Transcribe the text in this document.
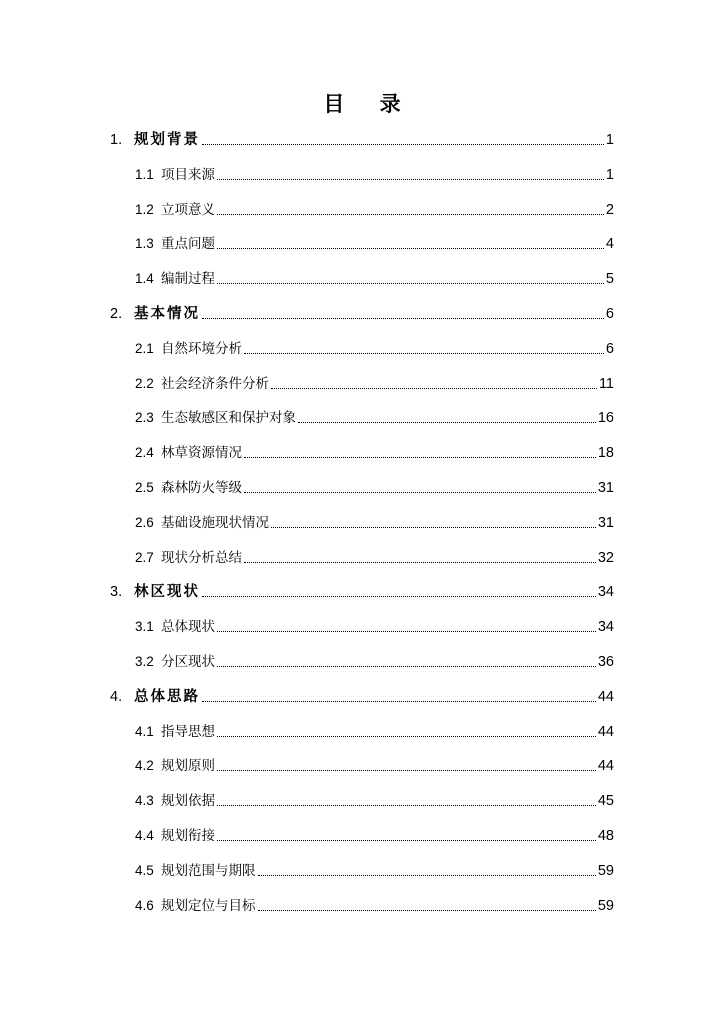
目 录
1. 规划背景	1
1.1 项目来源	1
1.2 立项意义	2
1.3 重点问题	4
1.4 编制过程	5
2. 基本情况	6
2.1 自然环境分析	6
2.2 社会经济条件分析	11
2.3 生态敏感区和保护对象	16
2.4 林草资源情况	18
2.5 森林防火等级	31
2.6 基础设施现状情况	31
2.7 现状分析总结	32
3. 林区现状	34
3.1 总体现状	34
3.2 分区现状	36
4. 总体思路	44
4.1 指导思想	44
4.2 规划原则	44
4.3 规划依据	45
4.4 规划衔接	48
4.5 规划范围与期限	59
4.6 规划定位与目标	59
